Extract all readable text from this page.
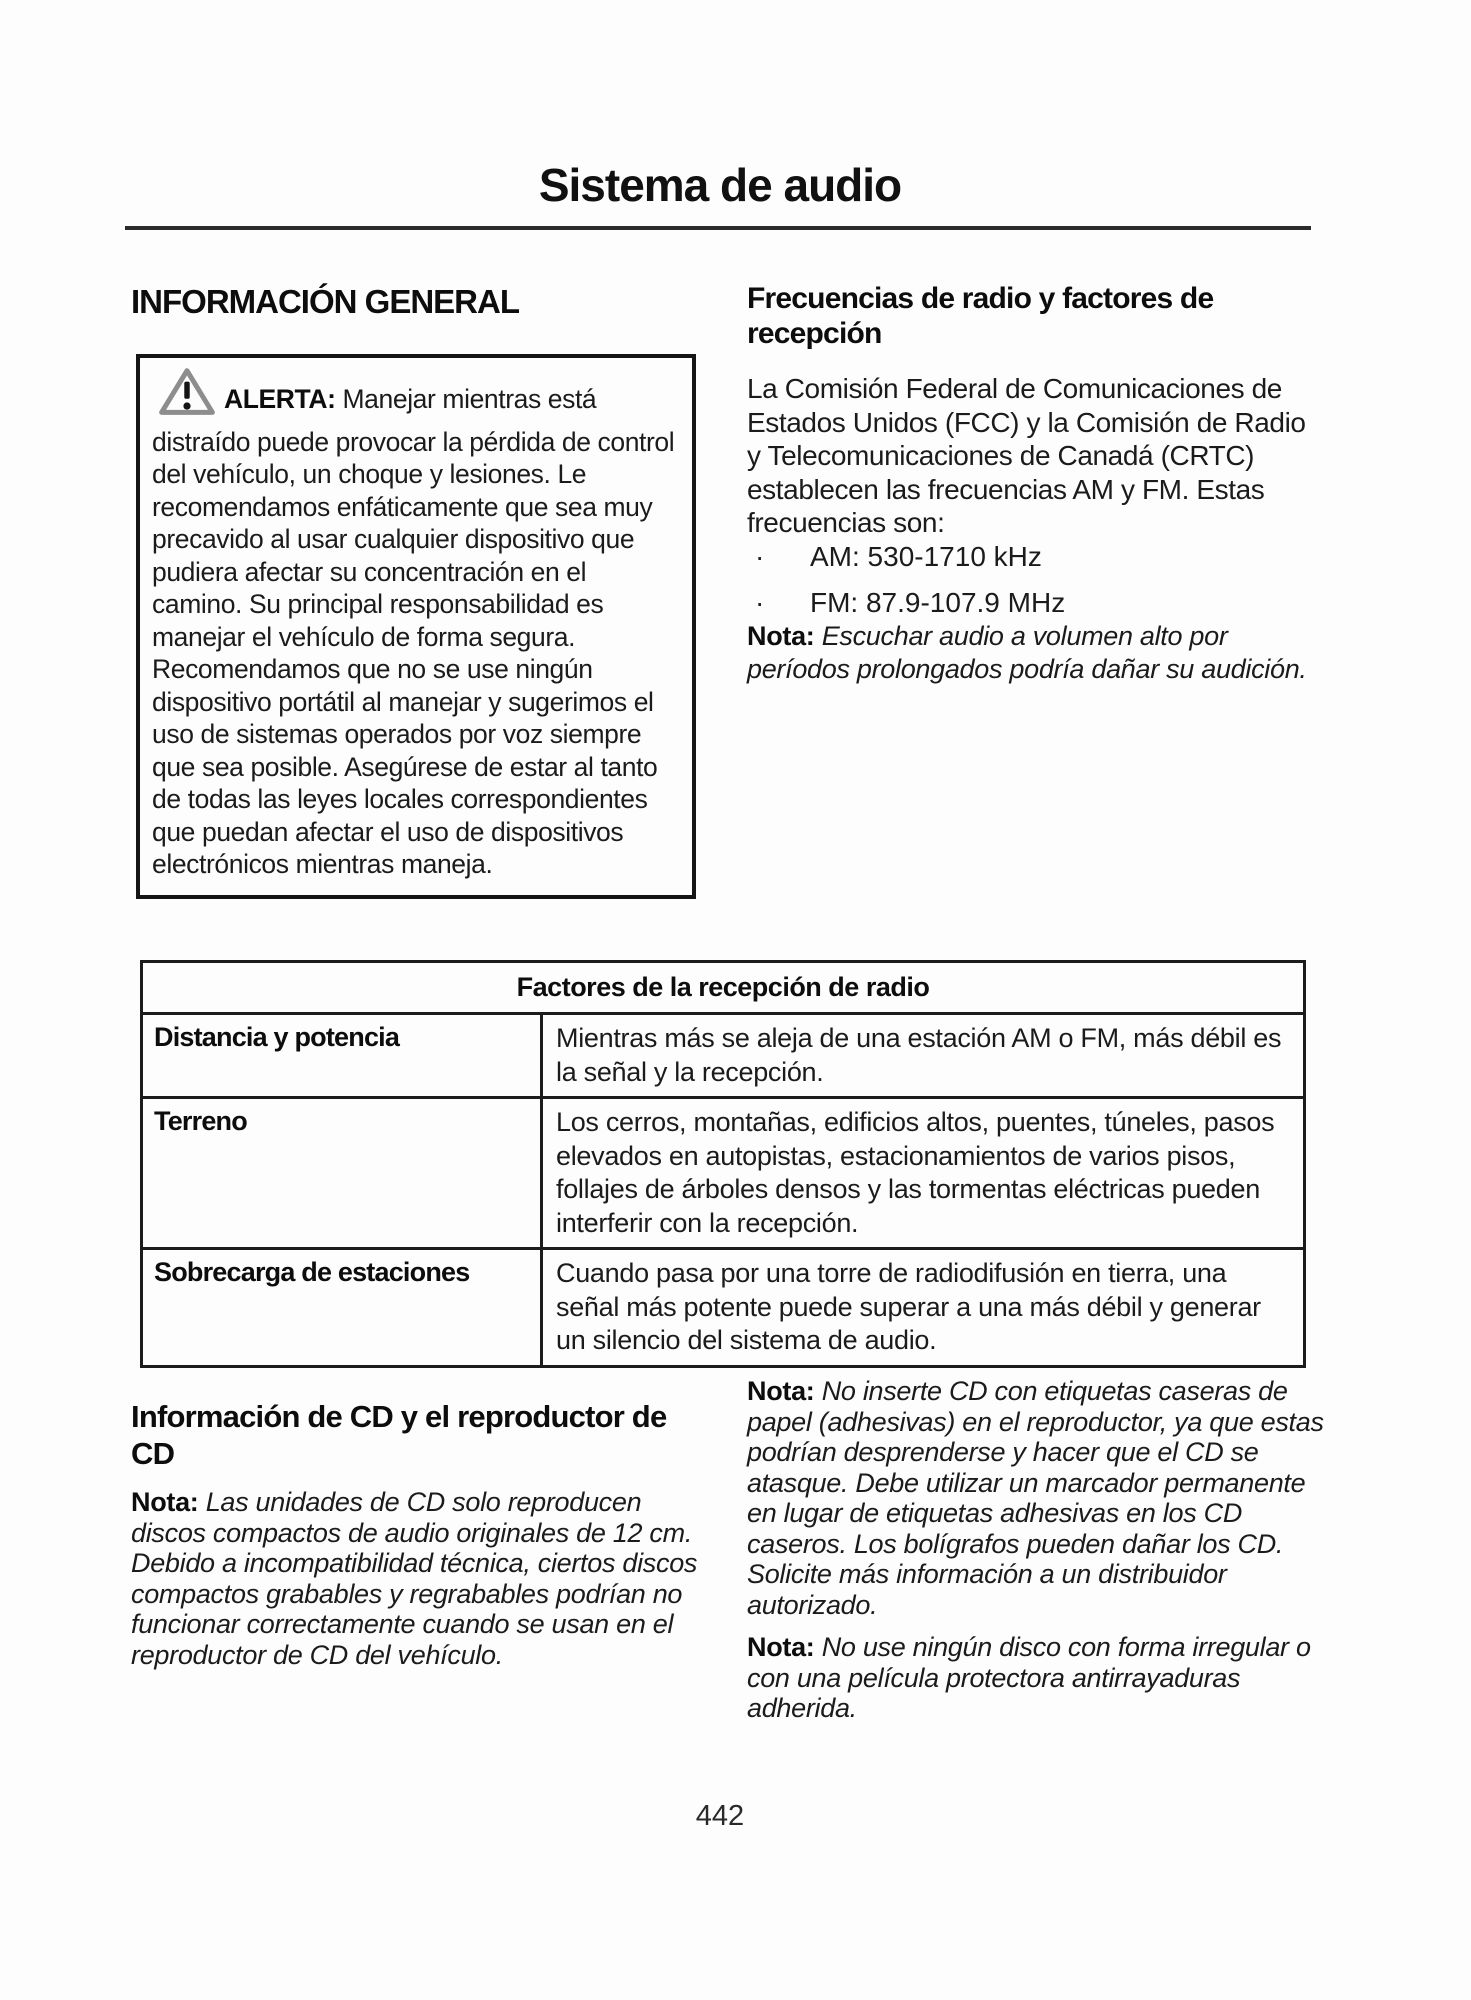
Sistema de audio
INFORMACIÓN GENERAL

ALERTA: Manejar mientras está distraído puede provocar la pérdida de control del vehículo, un choque y lesiones. Le recomendamos enfáticamente que sea muy precavido al usar cualquier dispositivo que pudiera afectar su concentración en el camino. Su principal responsabilidad es manejar el vehículo de forma segura. Recomendamos que no se use ningún dispositivo portátil al manejar y sugerimos el uso de sistemas operados por voz siempre que sea posible. Asegúrese de estar al tanto de todas las leyes locales correspondientes que puedan afectar el uso de dispositivos electrónicos mientras maneja.

Frecuencias de radio y factores de recepción

La Comisión Federal de Comunicaciones de Estados Unidos (FCC) y la Comisión de Radio y Telecomunicaciones de Canadá (CRTC) establecen las frecuencias AM y FM. Estas frecuencias son:

· AM: 530-1710 kHz
· FM: 87.9-107.9 MHz

Nota: Escuchar audio a volumen alto por períodos prolongados podría dañar su audición.

Factores de la recepción de radio	
Distancia y potencia	Mientras más se aleja de una estación AM o FM, más débil es la señal y la recepción.
Terreno	Los cerros, montañas, edificios altos, puentes, túneles, pasos elevados en autopistas, estacionamientos de varios pisos, follajes de árboles densos y las tormentas eléctricas pueden interferir con la recepción.
Sobrecarga de estaciones	Cuando pasa por una torre de radiodifusión en tierra, una señal más potente puede superar a una más débil y generar un silencio del sistema de audio.
Información de CD y el reproductor de CD

Nota: Las unidades de CD solo reproducen discos compactos de audio originales de 12 cm. Debido a incompatibilidad técnica, ciertos discos compactos grabables y regrabables podrían no funcionar correctamente cuando se usan en el reproductor de CD del vehículo.

Nota: No inserte CD con etiquetas caseras de papel (adhesivas) en el reproductor, ya que estas podrían desprenderse y hacer que el CD se atasque. Debe utilizar un marcador permanente en lugar de etiquetas adhesivas en los CD caseros. Los bolígrafos pueden dañar los CD. Solicite más información a un distribuidor autorizado.

Nota: No use ningún disco con forma irregular o con una película protectora antirrayaduras adherida.

442
